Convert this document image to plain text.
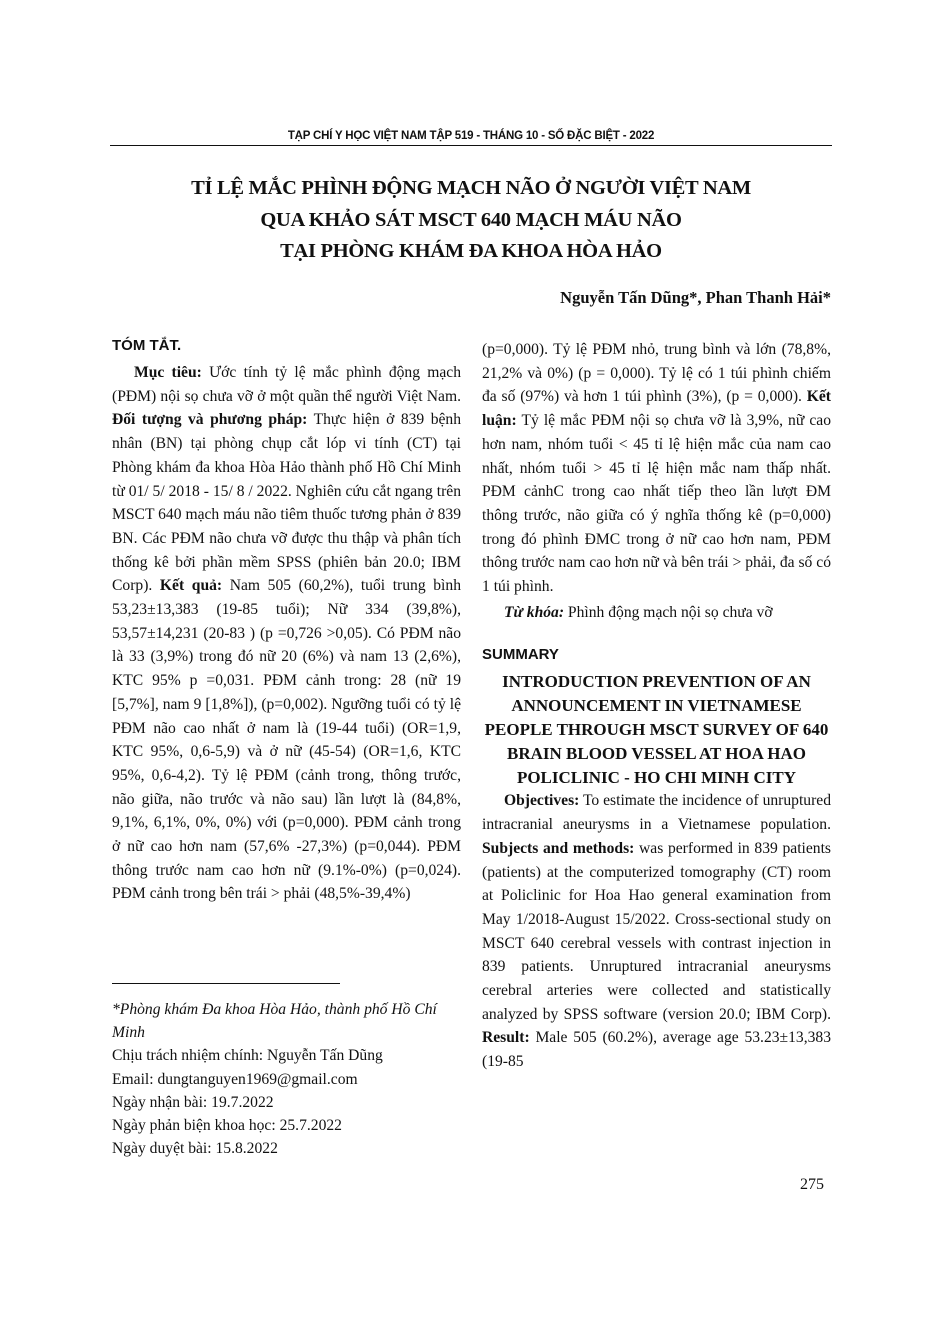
TẠP CHÍ Y HỌC VIỆT NAM TẬP 519 - THÁNG 10 - SỐ ĐẶC BIỆT - 2022
TỈ LỆ MẮC PHÌNH ĐỘNG MẠCH NÃO Ở NGƯỜI VIỆT NAM
QUA KHẢO SÁT MSCT 640 MẠCH MÁU NÃO
TẠI PHÒNG KHÁM ĐA KHOA HÒA HẢO
Nguyễn Tấn Dũng*, Phan Thanh Hải*
TÓM TẮT.

Mục tiêu: Ước tính tỷ lệ mắc phình động mạch (PĐM) nội sọ chưa vỡ ở một quần thể người Việt Nam. Đối tượng và phương pháp: Thực hiện ở 839 bệnh nhân (BN) tại phòng chụp cắt lóp vi tính (CT) tại Phòng khám đa khoa Hòa Hảo thành phố Hồ Chí Minh từ 01/ 5/ 2018 - 15/ 8 / 2022. Nghiên cứu cắt ngang trên MSCT 640 mạch máu não tiêm thuốc tương phản ở 839 BN. Các PĐM não chưa vỡ được thu thập và phân tích thống kê bởi phần mềm SPSS (phiên bản 20.0; IBM Corp). Kết quả: Nam 505 (60,2%), tuổi trung bình 53,23±13,383 (19-85 tuổi); Nữ 334 (39,8%), 53,57±14,231 (20-83 ) (p =0,726 >0,05). Có PĐM não là 33 (3,9%) trong đó nữ 20 (6%) và nam 13 (2,6%), KTC 95% p =0,031. PĐM cảnh trong: 28 (nữ 19 [5,7%], nam 9 [1,8%]), (p=0,002). Ngưỡng tuổi có tỷ lệ PĐM não cao nhất ở nam là (19-44 tuổi) (OR=1,9, KTC 95%, 0,6-5,9) và ở nữ (45-54) (OR=1,6, KTC 95%, 0,6-4,2). Tỷ lệ PĐM (cảnh trong, thông trước, não giữa, não trước và não sau) lần lượt là (84,8%, 9,1%, 6,1%, 0%, 0%) với (p=0,000). PĐM cảnh trong ở nữ cao hơn nam (57,6% -27,3%) (p=0,044). PĐM thông trước nam cao hơn nữ (9.1%-0%) (p=0,024). PĐM cảnh trong bên trái > phải (48,5%-39,4%)

*Phòng khám Đa khoa Hòa Hảo, thành phố Hồ Chí Minh
Chịu trách nhiệm chính: Nguyễn Tấn Dũng
Email: dungtanguyen1969@gmail.com
Ngày nhận bài: 19.7.2022
Ngày phản biện khoa học: 25.7.2022
Ngày duyệt bài: 15.8.2022

(p=0,000). Tỷ lệ PĐM nhỏ, trung bình và lớn (78,8%, 21,2% và 0%) (p = 0,000). Tỷ lệ có 1 túi phình chiếm đa số (97%) và hơn 1 túi phình (3%), (p = 0,000). Kết luận: Tỷ lệ mắc PĐM nội sọ chưa vỡ là 3,9%, nữ cao hơn nam, nhóm tuổi < 45 tỉ lệ hiện mắc của nam cao nhất, nhóm tuổi > 45 tỉ lệ hiện mắc nam thấp nhất. PĐM cảnhC trong cao nhất tiếp theo lần lượt ĐM thông trước, não giữa có ý nghĩa thống kê (p=0,000) trong đó phình ĐMC trong ở nữ cao hơn nam, PĐM thông trước nam cao hơn nữ và bên trái > phải, đa số có 1 túi phình.

Từ khóa: Phình động mạch nội sọ chưa vỡ

SUMMARY
INTRODUCTION PREVENTION OF AN ANNOUNCEMENT IN VIETNAMESE PEOPLE THROUGH MSCT SURVEY OF 640 BRAIN BLOOD VESSEL AT HOA HAO POLICLINIC - HO CHI MINH CITY

Objectives: To estimate the incidence of unruptured intracranial aneurysms in a Vietnamese population. Subjects and methods: was performed in 839 patients (patients) at the computerized tomography (CT) room at Policlinic for Hoa Hao general examination from May 1/2018-August 15/2022. Cross-sectional study on MSCT 640 cerebral vessels with contrast injection in 839 patients. Unruptured intracranial aneurysms cerebral arteries were collected and statistically analyzed by SPSS software (version 20.0; IBM Corp). Result: Male 505 (60.2%), average age 53.23±13,383 (19-85

275
